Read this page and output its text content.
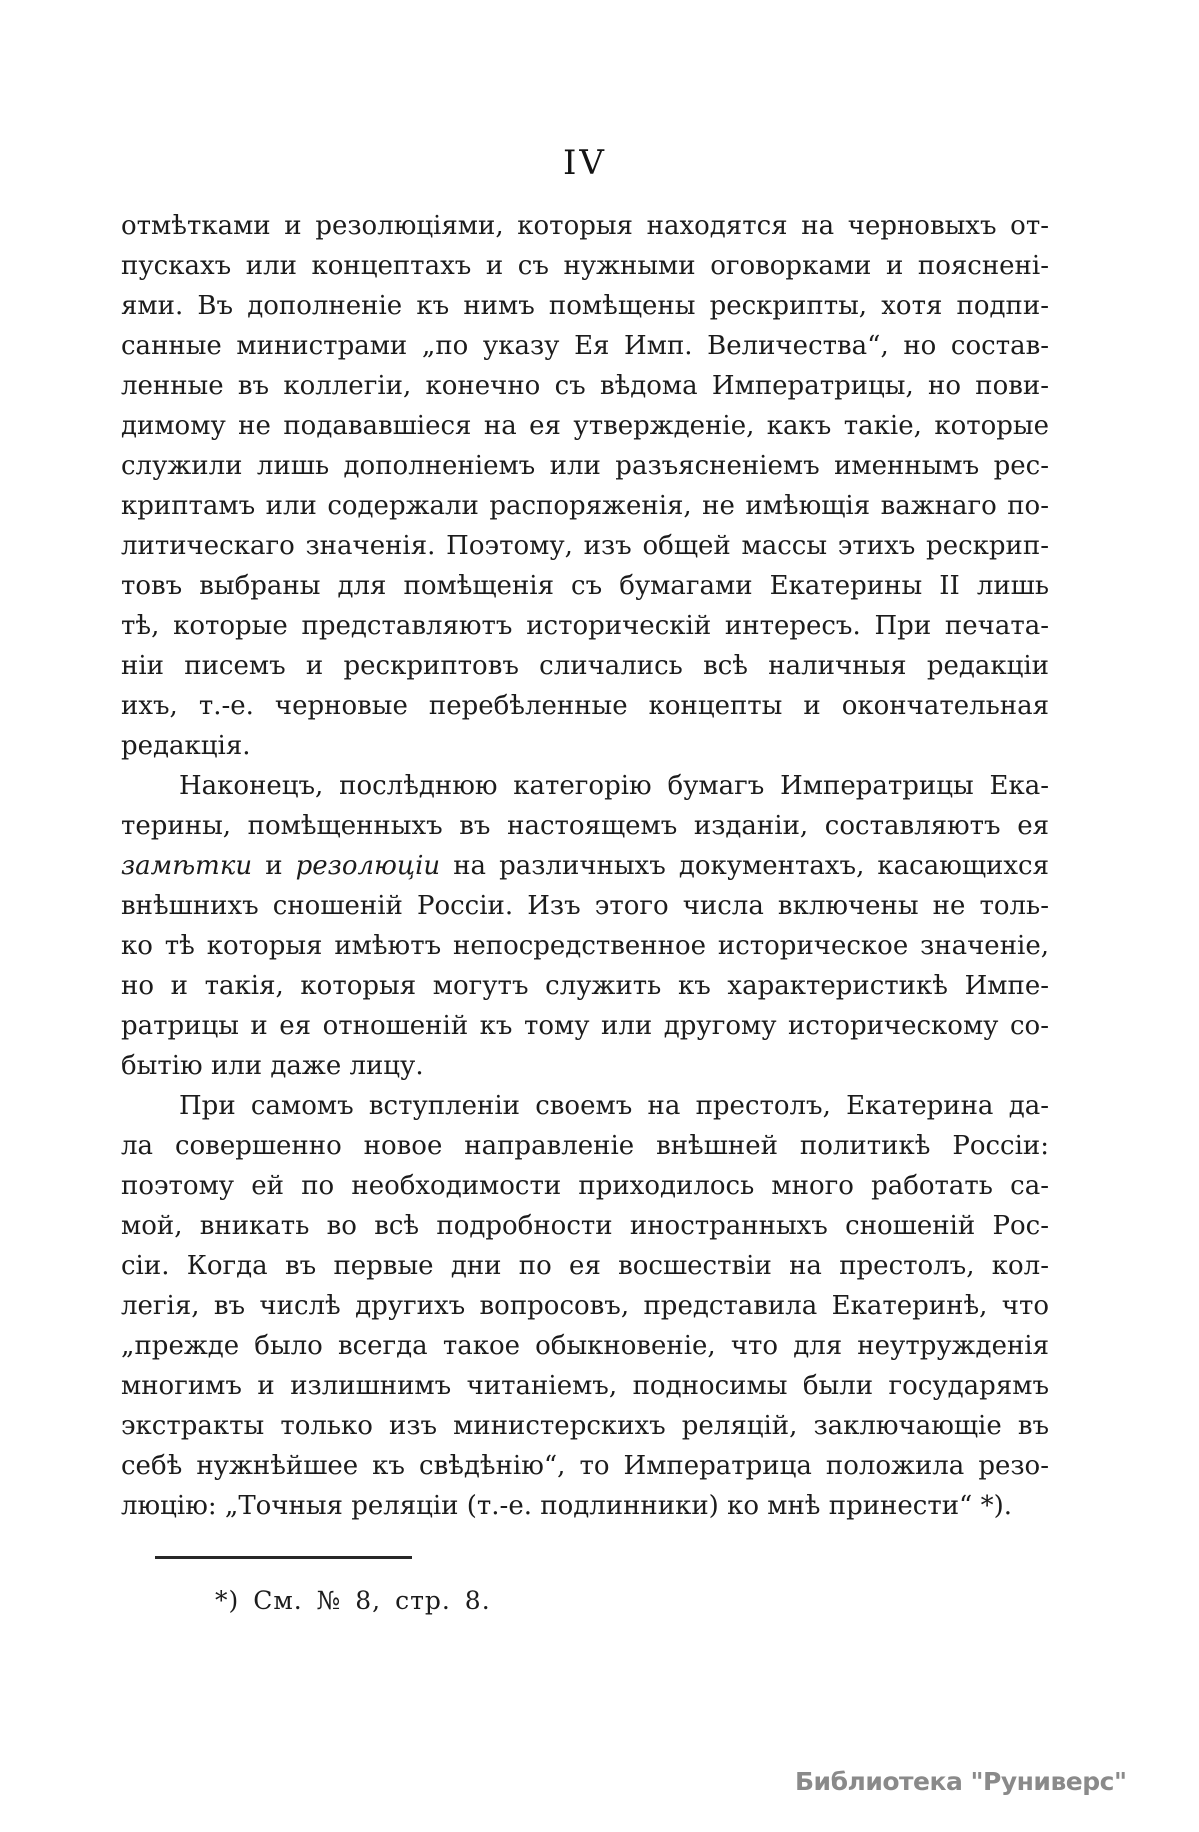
IV
отмѣтками и резолюціями, которыя находятся на черновыхъ от-
пускахъ или концептахъ и съ нужными оговорками и пояснені-
ями. Въ дополненіе къ нимъ помѣщены рескрипты, хотя подпи-
санные министрами „по указу Ея Имп. Величества“, но состав-
ленные въ коллегіи, конечно съ вѣдома Императрицы, но пови-
димому не подававшіеся на ея утвержденіе, какъ такіе, которые
служили лишь дополненіемъ или разъясненіемъ именнымъ рес-
криптамъ или содержали распоряженія, не имѣющія важнаго по-
литическаго значенія. Поэтому, изъ общей массы этихъ рескрип-
товъ выбраны для помѣщенія съ бумагами Екатерины II лишь
тѣ, которые представляютъ историческій интересъ. При печата-
ніи писемъ и рескриптовъ сличались всѣ наличныя редакціи
ихъ, т.-е. черновые перебѣленные концепты и окончательная
редакція.
Наконецъ, послѣднюю категорію бумагъ Императрицы Ека-
терины, помѣщенныхъ въ настоящемъ изданіи, составляютъ ея
замѣтки и резолюціи на различныхъ документахъ, касающихся
внѣшнихъ сношеній Россіи. Изъ этого числа включены не толь-
ко тѣ которыя имѣютъ непосредственное историческое значеніе,
но и такія, которыя могутъ служить къ характеристикѣ Импе-
ратрицы и ея отношеній къ тому или другому историческому со-
бытію или даже лицу.
При самомъ вступленіи своемъ на престолъ, Екатерина да-
ла совершенно новое направленіе внѣшней политикѣ Россіи:
поэтому ей по необходимости приходилось много работать са-
мой, вникать во всѣ подробности иностранныхъ сношеній Рос-
сіи. Когда въ первые дни по ея восшествіи на престолъ, кол-
легія, въ числѣ другихъ вопросовъ, представила Екатеринѣ, что
„прежде было всегда такое обыкновеніе, что для неутружденія
многимъ и излишнимъ читаніемъ, подносимы были государямъ
экстракты только изъ министерскихъ реляцій, заключающіе въ
себѣ нужнѣйшее къ свѣдѣнію“, то Императрица положила резо-
люцію: „Точныя реляціи (т.-е. подлинники) ко мнѣ принести“ *).
*) См. № 8, стр. 8.
Библиотека "Руниверс"
